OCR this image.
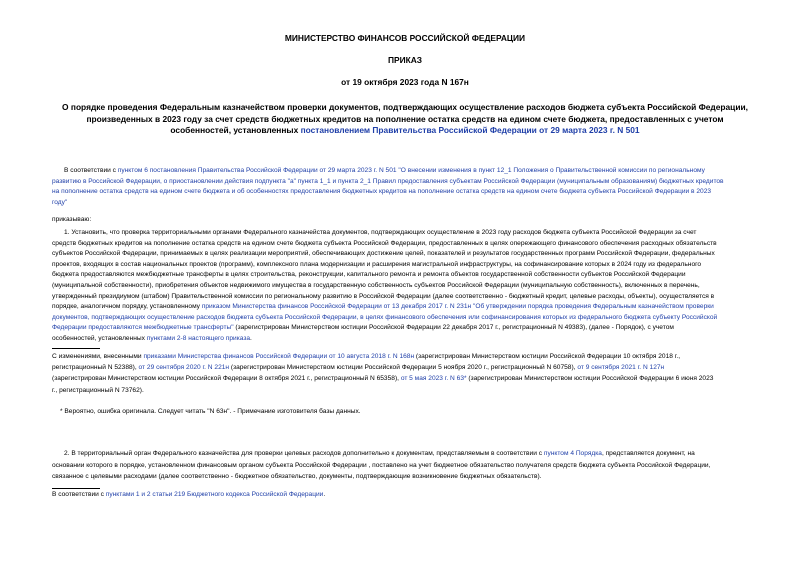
МИНИСТЕРСТВО ФИНАНСОВ РОССИЙСКОЙ ФЕДЕРАЦИИ
ПРИКАЗ
от 19 октября 2023 года N 167н
О порядке проведения Федеральным казначейством проверки документов, подтверждающих осуществление расходов бюджета субъекта Российской Федерации,
произведенных в 2023 году за счет средств бюджетных кредитов на пополнение остатка средств на едином счете бюджета, предоставленных с учетом
особенностей, установленных постановлением Правительства Российской Федерации от 29 марта 2023 г. N 501
В соответствии с пунктом 6 постановления Правительства Российской Федерации от 29 марта 2023 г. N 501 "О внесении изменения в пункт 12_1 Положения о Правительственной комиссии по региональному
развитию в Российской Федерации, о приостановлении действия подпункта "а" пункта 1_1 и пункта 2_1 Правил предоставления субъектам Российской Федерации (муниципальным образованиям) бюджетных кредитов
на пополнение остатка средств на едином счете бюджета и об особенностях предоставления бюджетных кредитов на пополнение остатка средств на едином счете бюджета субъекта Российской Федерации в 2023
году"
приказываю:
1. Установить, что проверка территориальными органами Федерального казначейства документов, подтверждающих осуществление в 2023 году расходов бюджета субъекта Российской Федерации за счет
средств бюджетных кредитов на пополнение остатка средств на едином счете бюджета субъекта Российской Федерации, предоставленных в целях опережающего финансового обеспечения расходных обязательств
субъектов Российской Федерации, принимаемых в целях реализации мероприятий, обеспечивающих достижение целей, показателей и результатов государственных программ Российской Федерации, федеральных
проектов, входящих в состав национальных проектов (программ), комплексного плана модернизации и расширения магистральной инфраструктуры, на софинансирование которых в 2024 году из федерального
бюджета предоставляются межбюджетные трансферты в целях строительства, реконструкции, капитального ремонта и ремонта объектов государственной собственности субъектов Российской Федерации
(муниципальной собственности), приобретения объектов недвижимого имущества в государственную собственность субъектов Российской Федерации (муниципальную собственность), включенных в перечень,
утвержденный президиумом (штабом) Правительственной комиссии по региональному развитию в Российской Федерации (далее соответственно - бюджетный кредит, целевые расходы, объекты), осуществляется в
порядке, аналогичном порядку, установленному приказом Министерства финансов Российской Федерации от 13 декабря 2017 г. N 231н "Об утверждении порядка проведения Федеральным казначейством проверки
документов, подтверждающих осуществление расходов бюджета субъекта Российской Федерации, в целях финансового обеспечения или софинансирования которых из федерального бюджета субъекту Российской
Федерации предоставляются межбюджетные трансферты" (зарегистрирован Министерством юстиции Российской Федерации 22 декабря 2017 г., регистрационный N 49383), (далее - Порядок), с учетом
особенностей, установленных пунктами 2-8 настоящего приказа.
С изменениями, внесенными приказами Министерства финансов Российской Федерации от 10 августа 2018 г. N 168н (зарегистрирован Министерством юстиции Российской Федерации 10 октября 2018 г.,
регистрационный N 52388), от 29 сентября 2020 г. N 221н (зарегистрирован Министерством юстиции Российской Федерации 5 ноября 2020 г., регистрационный N 60758), от 9 сентября 2021 г. N 127н
(зарегистрирован Министерством юстиции Российской Федерации 8 октября 2021 г., регистрационный N 65358), от 5 мая 2023 г. N 63* (зарегистрирован Министерством юстиции Российской Федерации 6 июня 2023
г., регистрационный N 73762).
* Вероятно, ошибка оригинала. Следует читать "N 63н". - Примечание изготовителя базы данных.
2. В территориальный орган Федерального казначейства для проверки целевых расходов дополнительно к документам, представляемым в соответствии с пунктом 4 Порядка, представляется документ, на
основании которого в порядке, установленном финансовым органом субъекта Российской Федерации , поставлено на учет бюджетное обязательство получателя средств бюджета субъекта Российской Федерации,
связанное с целевыми расходами (далее соответственно - бюджетное обязательство, документы, подтверждающие возникновение бюджетных обязательств).
В соответствии с пунктами 1 и 2 статьи 219 Бюджетного кодекса Российской Федерации.
